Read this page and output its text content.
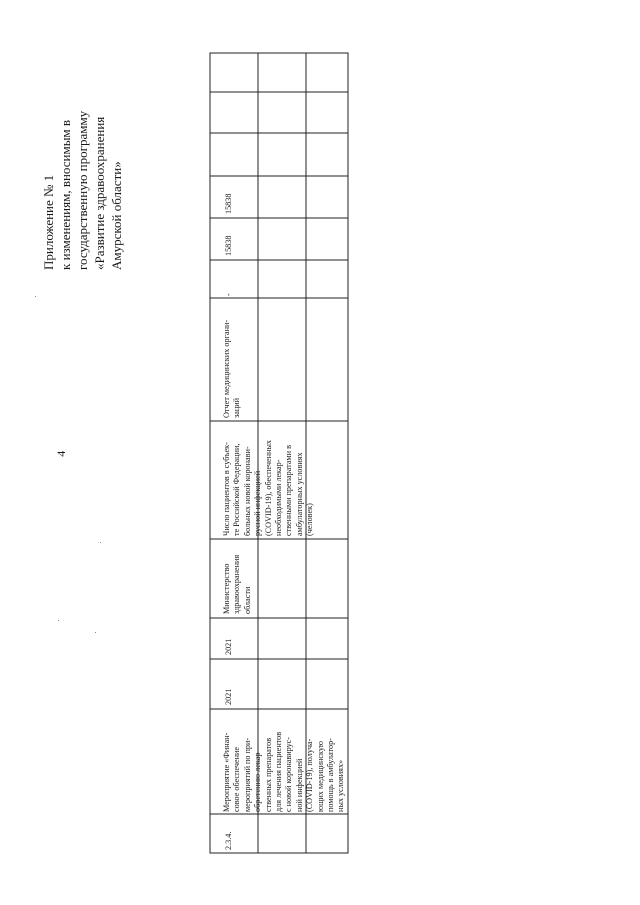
4
Приложение № 1 к изменениям, вносимым в государственную программу «Развитие здравоохранения Амурской области»
2.3.4.
Мероприятие «Финан-
совое обеспечение
мероприятий по при-
обретению лекар-
ственных препаратов
для лечения пациентов
с новой коронавирус-
ной инфекцией
(COVID-19), получа-
ющих медицинскую
помощь в амбулатор-
ных условиях»
2021
2021
Министерство
здравоохранения
области
Число пациентов в субъек-
те Российской Федерации,
больных новой коронави-
русной инфекцией
(COVID-19), обеспеченных
необходимыми лекар-
ственными препаратами в
амбулаторных условиях
(человек)
Отчет медицинских органи-
заций
-
15838
15838
